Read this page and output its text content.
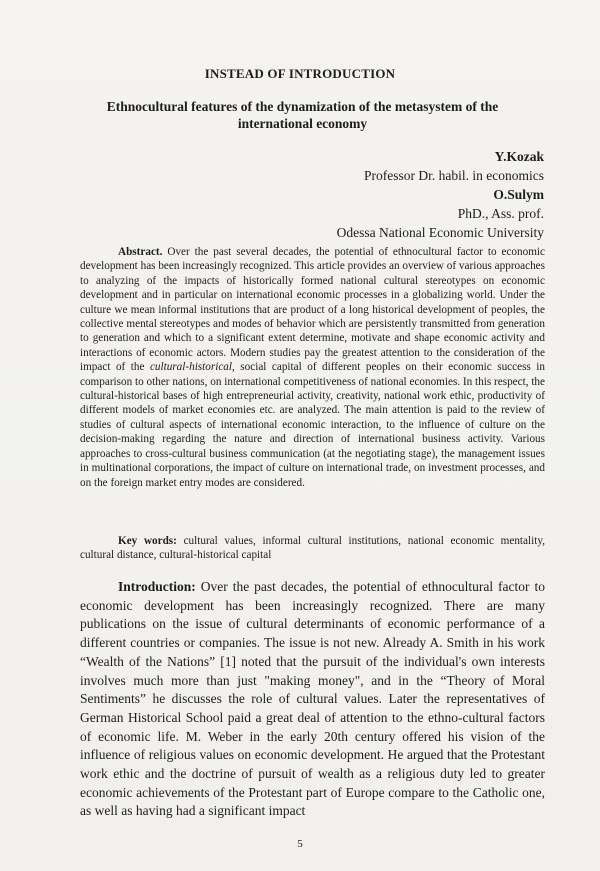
INSTEAD OF INTRODUCTION
Ethnocultural features of the dynamization of the metasystem of the international economy
Y.Kozak
Professor Dr. habil. in economics
O.Sulym
PhD., Ass. prof.
Odessa National Economic University
Abstract. Over the past several decades, the potential of ethnocultural factor to economic development has been increasingly recognized. This article provides an overview of various approaches to analyzing of the impacts of historically formed national cultural stereotypes on economic development and in particular on international economic processes in a globalizing world. Under the culture we mean informal institutions that are product of a long historical development of peoples, the collective mental stereotypes and modes of behavior which are persistently transmitted from generation to generation and which to a significant extent determine, motivate and shape economic activity and interactions of economic actors. Modern studies pay the greatest attention to the consideration of the impact of the cultural-historical, social capital of different peoples on their economic success in comparison to other nations, on international competitiveness of national economies. In this respect, the cultural-historical bases of high entrepreneurial activity, creativity, national work ethic, productivity of different models of market economies etc. are analyzed. The main attention is paid to the review of studies of cultural aspects of international economic interaction, to the influence of culture on the decision-making regarding the nature and direction of international business activity. Various approaches to cross-cultural business communication (at the negotiating stage), the management issues in multinational corporations, the impact of culture on international trade, on investment processes, and on the foreign market entry modes are considered.
Key words: cultural values, informal cultural institutions, national economic mentality, cultural distance, cultural-historical capital
Introduction: Over the past decades, the potential of ethnocultural factor to economic development has been increasingly recognized. There are many publications on the issue of cultural determinants of economic performance of a different countries or companies. The issue is not new. Already A. Smith in his work “Wealth of the Nations” [1] noted that the pursuit of the individual's own interests involves much more than just "making money", and in the “Theory of Moral Sentiments” he discusses the role of cultural values. Later the representatives of German Historical School paid a great deal of attention to the ethno-cultural factors of economic life. M. Weber in the early 20th century offered his vision of the influence of religious values on economic development. He argued that the Protestant work ethic and the doctrine of pursuit of wealth as a religious duty led to greater economic achievements of the Protestant part of Europe compare to the Catholic one, as well as having had a significant impact
5
